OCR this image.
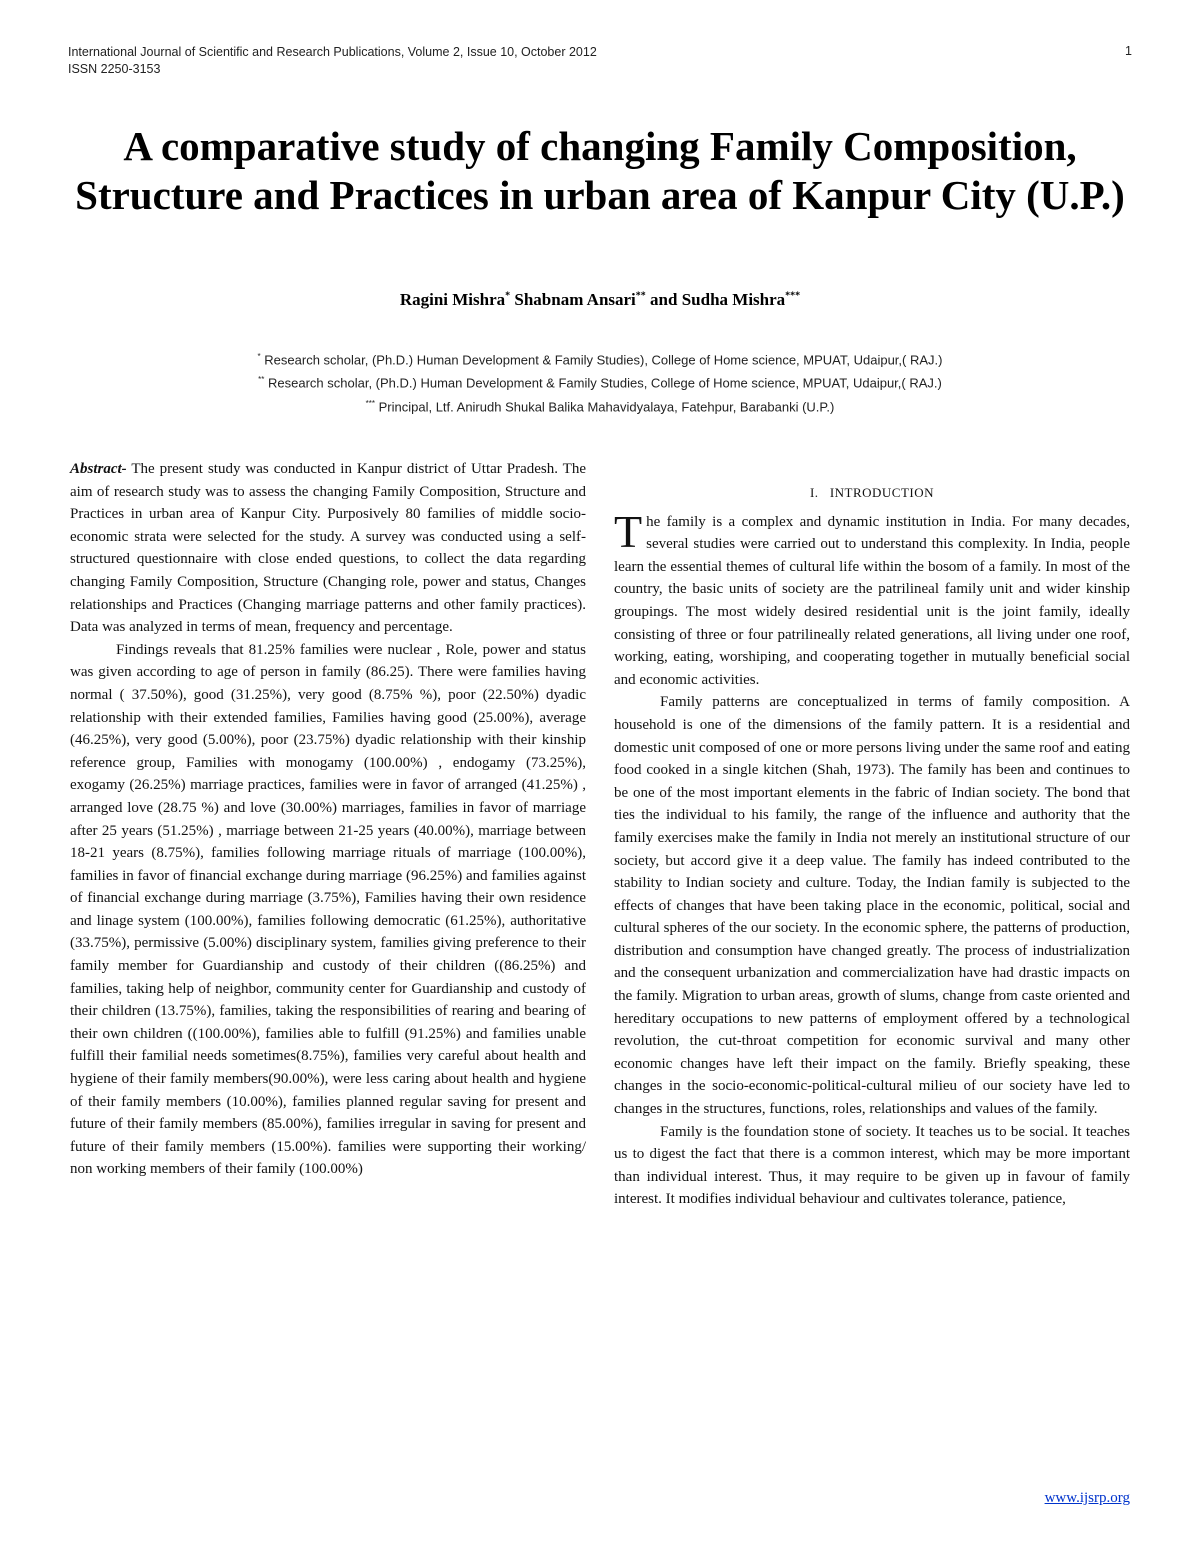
International Journal of Scientific and Research Publications, Volume 2, Issue 10, October 2012
ISSN 2250-3153
1
A comparative study of changing Family Composition, Structure and Practices in urban area of Kanpur City (U.P.)
Ragini Mishra* Shabnam Ansari** and Sudha Mishra***
* Research scholar, (Ph.D.) Human Development & Family Studies), College of Home science, MPUAT, Udaipur,( RAJ.)
** Research scholar, (Ph.D.) Human Development & Family Studies, College of Home science, MPUAT, Udaipur,( RAJ.)
*** Principal, Ltf. Anirudh Shukal Balika Mahavidyalaya, Fatehpur, Barabanki (U.P.)

Abstract- The present study was conducted in Kanpur district of Uttar Pradesh. The aim of research study was to assess the changing Family Composition, Structure and Practices in urban area of Kanpur City. Purposively 80 families of middle socio-economic strata were selected for the study. A survey was conducted using a self- structured questionnaire with close ended questions, to collect the data regarding changing Family Composition, Structure (Changing role, power and status, Changes relationships and Practices (Changing marriage patterns and other family practices). Data was analyzed in terms of mean, frequency and percentage.

Findings reveals that 81.25% families were nuclear , Role, power and status was given according to age of person in family (86.25). There were families having normal ( 37.50%), good (31.25%), very good (8.75% %), poor (22.50%) dyadic relationship with their extended families, Families having good (25.00%), average (46.25%), very good (5.00%), poor (23.75%) dyadic relationship with their kinship reference group, Families with monogamy (100.00%) , endogamy (73.25%), exogamy (26.25%) marriage practices, families were in favor of arranged (41.25%) , arranged love (28.75 %) and love (30.00%) marriages, families in favor of marriage after 25 years (51.25%) , marriage between 21-25 years (40.00%), marriage between 18-21 years (8.75%), families following marriage rituals of marriage (100.00%), families in favor of financial exchange during marriage (96.25%) and families against of financial exchange during marriage (3.75%), Families having their own residence and linage system (100.00%), families following democratic (61.25%), authoritative (33.75%), permissive (5.00%) disciplinary system, families giving preference to their family member for Guardianship and custody of their children ((86.25%) and families, taking help of neighbor, community center for Guardianship and custody of their children (13.75%), families, taking the responsibilities of rearing and bearing of their own children ((100.00%), families able to fulfill (91.25%) and families unable fulfill their familial needs sometimes(8.75%), families very careful about health and hygiene of their family members(90.00%), were less caring about health and hygiene of their family members (10.00%), families planned regular saving for present and future of their family members (85.00%), families irregular in saving for present and future of their family members (15.00%). families were supporting their working/ non working members of their family (100.00%)

I. INTRODUCTION

The family is a complex and dynamic institution in India. For many decades, several studies were carried out to understand this complexity. In India, people learn the essential themes of cultural life within the bosom of a family. In most of the country, the basic units of society are the patrilineal family unit and wider kinship groupings. The most widely desired residential unit is the joint family, ideally consisting of three or four patrilineally related generations, all living under one roof, working, eating, worshiping, and cooperating together in mutually beneficial social and economic activities.

Family patterns are conceptualized in terms of family composition. A household is one of the dimensions of the family pattern. It is a residential and domestic unit composed of one or more persons living under the same roof and eating food cooked in a single kitchen (Shah, 1973). The family has been and continues to be one of the most important elements in the fabric of Indian society. The bond that ties the individual to his family, the range of the influence and authority that the family exercises make the family in India not merely an institutional structure of our society, but accord give it a deep value. The family has indeed contributed to the stability to Indian society and culture. Today, the Indian family is subjected to the effects of changes that have been taking place in the economic, political, social and cultural spheres of the our society. In the economic sphere, the patterns of production, distribution and consumption have changed greatly. The process of industrialization and the consequent urbanization and commercialization have had drastic impacts on the family. Migration to urban areas, growth of slums, change from caste oriented and hereditary occupations to new patterns of employment offered by a technological revolution, the cut-throat competition for economic survival and many other economic changes have left their impact on the family. Briefly speaking, these changes in the socio-economic-political-cultural milieu of our society have led to changes in the structures, functions, roles, relationships and values of the family.

Family is the foundation stone of society. It teaches us to be social. It teaches us to digest the fact that there is a common interest, which may be more important than individual interest. Thus, it may require to be given up in favour of family interest. It modifies individual behaviour and cultivates tolerance, patience,

www.ijsrp.org
